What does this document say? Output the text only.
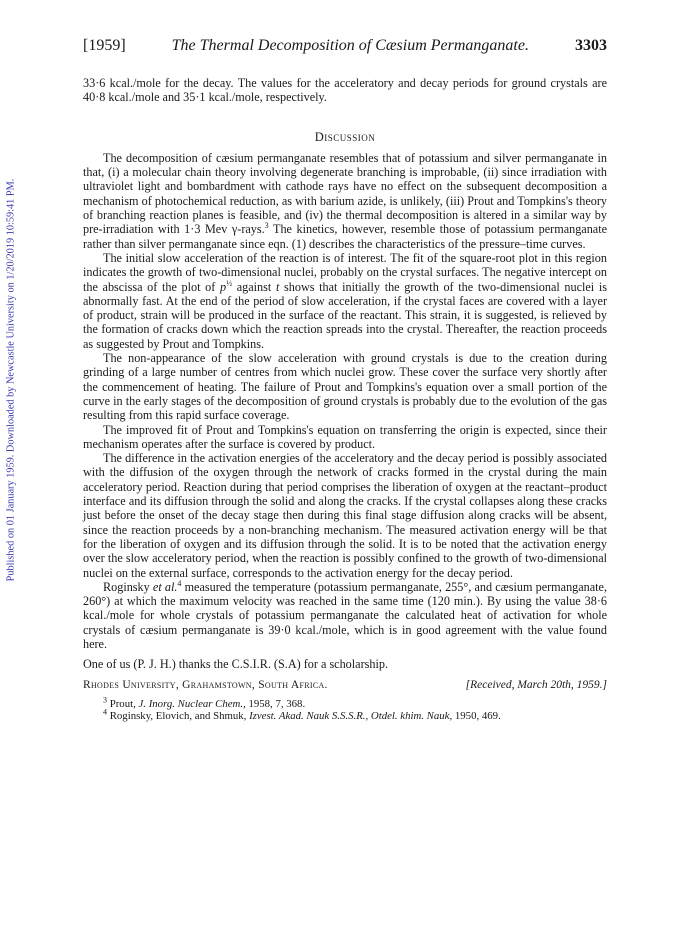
Published on 01 January 1959. Downloaded by Newcastle University on 1/20/2019 10:59:41 PM.
[1959]	The Thermal Decomposition of Cæsium Permanganate.	3303

33·6 kcal./mole for the decay. The values for the acceleratory and decay periods for ground crystals are 40·8 kcal./mole and 35·1 kcal./mole, respectively.

Discussion

The decomposition of cæsium permanganate resembles that of potassium and silver permanganate in that, (i) a molecular chain theory involving degenerate branching is improbable, (ii) since irradiation with ultraviolet light and bombardment with cathode rays have no effect on the subsequent decomposition a mechanism of photochemical reduction, as with barium azide, is unlikely, (iii) Prout and Tompkins's theory of branching reaction planes is feasible, and (iv) the thermal decomposition is altered in a similar way by pre-irradiation with 1·3 Mev γ-rays.$^3$ The kinetics, however, resemble those of potassium permanganate rather than silver permanganate since eqn. (1) describes the characteristics of the pressure–time curves.

The initial slow acceleration of the reaction is of interest. The fit of the square-root plot in this region indicates the growth of two-dimensional nuclei, probably on the crystal surfaces. The negative intercept on the abscissa of the plot of $p^{\frac{1}{2}}$ against t shows that initially the growth of the two-dimensional nuclei is abnormally fast. At the end of the period of slow acceleration, if the crystal faces are covered with a layer of product, strain will be produced in the surface of the reactant. This strain, it is suggested, is relieved by the formation of cracks down which the reaction spreads into the crystal. Thereafter, the reaction proceeds as suggested by Prout and Tompkins.

The non-appearance of the slow acceleration with ground crystals is due to the creation during grinding of a large number of centres from which nuclei grow. These cover the surface very shortly after the commencement of heating. The failure of Prout and Tompkins's equation over a small portion of the curve in the early stages of the decomposition of ground crystals is probably due to the evolution of the gas resulting from this rapid surface coverage.

The improved fit of Prout and Tompkins's equation on transferring the origin is expected, since their mechanism operates after the surface is covered by product.

The difference in the activation energies of the acceleratory and the decay period is possibly associated with the diffusion of the oxygen through the network of cracks formed in the crystal during the main acceleratory period. Reaction during that period comprises the liberation of oxygen at the reactant–product interface and its diffusion through the solid and along the cracks. If the crystal collapses along these cracks just before the onset of the decay stage then during this final stage diffusion along cracks will be absent, since the reaction proceeds by a non-branching mechanism. The measured activation energy will be that for the liberation of oxygen and its diffusion through the solid. It is to be noted that the activation energy over the slow acceleratory period, when the reaction is possibly confined to the growth of two-dimensional nuclei on the external surface, corresponds to the activation energy for the decay period.

Roginsky et al.$^4$ measured the temperature (potassium permanganate, 255°, and cæsium permanganate, 260°) at which the maximum velocity was reached in the same time (120 min.). By using the value 38·6 kcal./mole for whole crystals of potassium permanganate the calculated heat of activation for whole crystals of cæsium permanganate is 39·0 kcal./mole, which is in good agreement with the value found here.

One of us (P. J. H.) thanks the C.S.I.R. (S.A) for a scholarship.

Rhodes University, Grahamstown, South Africa.	[Received, March 20th, 1959.]
$^3$ Prout, J. Inorg. Nuclear Chem., 1958, 7, 368.
$^4$ Roginsky, Elovich, and Shmuk, Izvest. Akad. Nauk S.S.S.R., Otdel. khim. Nauk, 1950, 469.
